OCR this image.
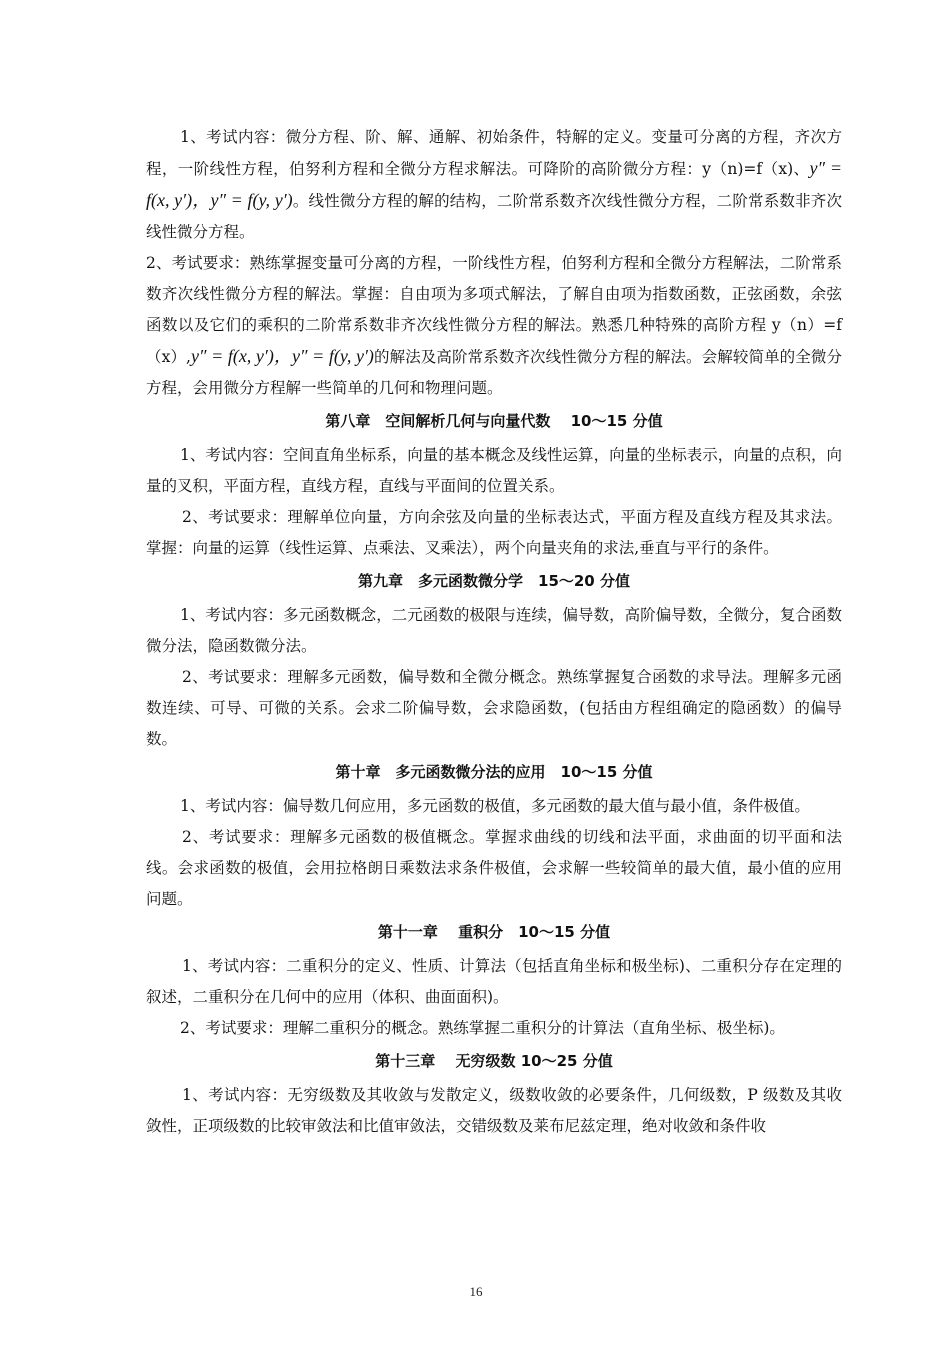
1、考试内容：微分方程、阶、解、通解、初始条件，特解的定义。变量可分离的方程，齐次方程，一阶线性方程，伯努利方程和全微分方程求解法。可降阶的高阶微分方程：y（n)=f（x)、y″ = f(x, y′)，y″ = f(y, y′)。线性微分方程的解的结构，二阶常系数齐次线性微分方程，二阶常系数非齐次线性微分方程。

2、考试要求：熟练掌握变量可分离的方程，一阶线性方程，伯努利方程和全微分方程解法，二阶常系数齐次线性微分方程的解法。掌握：自由项为多项式解法，了解自由项为指数函数，正弦函数，余弦函数以及它们的乘积的二阶常系数非齐次线性微分方程的解法。熟悉几种特殊的高阶方程 y（n）=f（x）,y″ = f(x, y′)，y″ = f(y, y′)的解法及高阶常系数齐次线性微分方程的解法。会解较简单的全微分方程，会用微分方程解一些简单的几何和物理问题。

第八章　空间解析几何与向量代数　 10～15 分值

1、考试内容：空间直角坐标系，向量的基本概念及线性运算，向量的坐标表示，向量的点积，向量的叉积，平面方程，直线方程，直线与平面间的位置关系。

2、考试要求：理解单位向量，方向余弦及向量的坐标表达式，平面方程及直线方程及其求法。掌握：向量的运算（线性运算、点乘法、叉乘法），两个向量夹角的求法,垂直与平行的条件。

第九章　多元函数微分学　15～20 分值

1、考试内容：多元函数概念，二元函数的极限与连续，偏导数，高阶偏导数，全微分，复合函数微分法，隐函数微分法。

2、考试要求：理解多元函数，偏导数和全微分概念。熟练掌握复合函数的求导法。理解多元函数连续、可导、可微的关系。会求二阶偏导数，会求隐函数，(包括由方程组确定的隐函数）的偏导数。

第十章　多元函数微分法的应用　10～15 分值

1、考试内容：偏导数几何应用，多元函数的极值，多元函数的最大值与最小值，条件极值。

2、考试要求：理解多元函数的极值概念。掌握求曲线的切线和法平面，求曲面的切平面和法线。会求函数的极值，会用拉格朗日乘数法求条件极值，会求解一些较简单的最大值，最小值的应用问题。

第十一章　 重积分　10～15 分值

1、考试内容：二重积分的定义、性质、计算法（包括直角坐标和极坐标)、二重积分存在定理的叙述，二重积分在几何中的应用（体积、曲面面积)。

2、考试要求：理解二重积分的概念。熟练掌握二重积分的计算法（直角坐标、极坐标)。

第十三章　 无穷级数 10～25 分值

1、考试内容：无穷级数及其收敛与发散定义，级数收敛的必要条件，几何级数，P 级数及其收敛性，正项级数的比较审敛法和比值审敛法，交错级数及莱布尼兹定理，绝对收敛和条件收

16
